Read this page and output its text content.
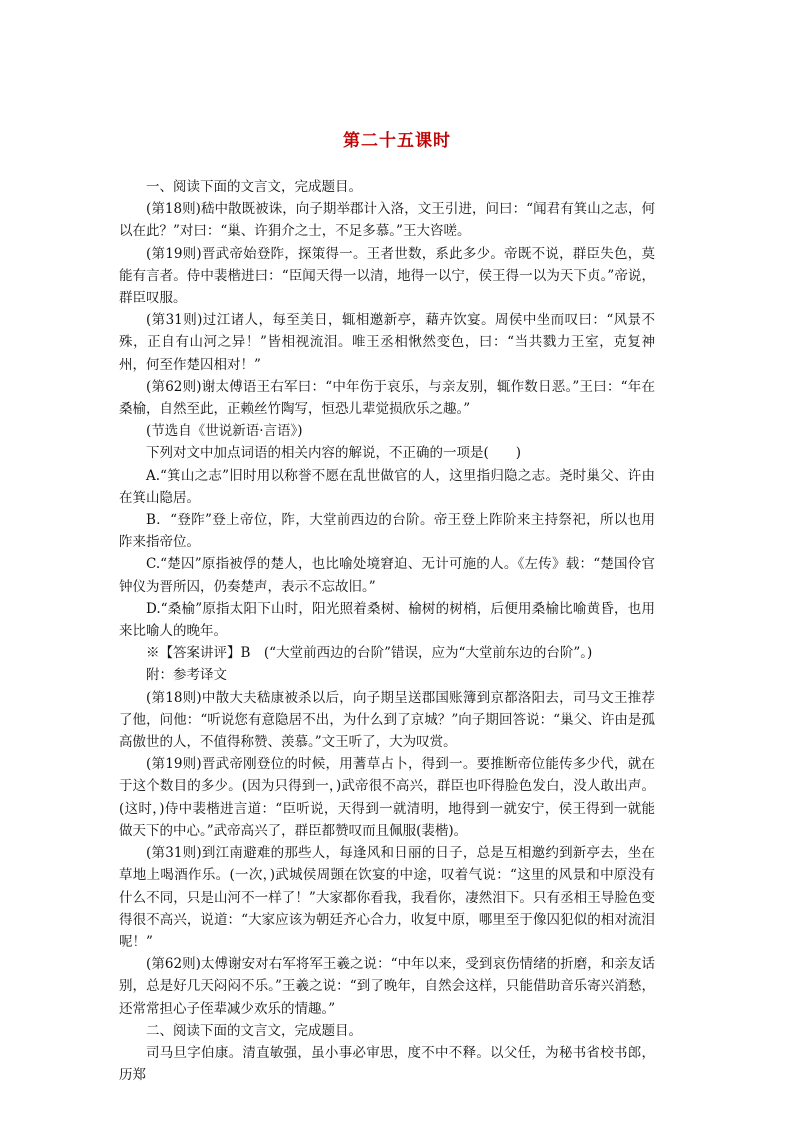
第二十五课时

一、阅读下面的文言文，完成题目。

(第18则)嵇中散既被诛，向子期举郡计入洛，文王引进，问曰：“闻君有箕山之志，何以在此？”对曰：“巢、许狷介之士，不足多慕。”王大咨嗟。

(第19则)晋武帝始登阼，探策得一。王者世数，系此多少。帝既不说，群臣失色，莫能有言者。侍中裴楷进曰：“臣闻天得一以清，地得一以宁，侯王得一以为天下贞。”帝说，群臣叹服。

(第31则)过江诸人，每至美日，辄相邀新亭，藉卉饮宴。周侯中坐而叹曰：“风景不殊，正自有山河之异！”皆相视流泪。唯王丞相愀然变色，曰：“当共戮力王室，克复神州，何至作楚囚相对！”

(第62则)谢太傅语王右军曰：“中年伤于哀乐，与亲友别，辄作数日恶。”王曰：“年在桑榆，自然至此，正赖丝竹陶写，恒恐儿辈觉损欣乐之趣。”

(节选自《世说新语·言语》)

下列对文中加点词语的相关内容的解说，不正确的一项是(　　)

A.“箕山之志”旧时用以称誉不愿在乱世做官的人，这里指归隐之志。尧时巢父、许由在箕山隐居。

B．“登阼”登上帝位，阼，大堂前西边的台阶。帝王登上阼阶来主持祭祀，所以也用阼来指帝位。

C.“楚囚”原指被俘的楚人，也比喻处境窘迫、无计可施的人。《左传》载：“楚国伶官钟仪为晋所囚，仍奏楚声，表示不忘故旧。”

D.“桑榆”原指太阳下山时，阳光照着桑树、榆树的树梢，后便用桑榆比喻黄昏，也用来比喻人的晚年。

※【答案讲评】B　(“大堂前西边的台阶”错误，应为“大堂前东边的台阶”。)

附：参考译文

(第18则)中散大夫嵇康被杀以后，向子期呈送郡国账簿到京都洛阳去，司马文王推荐了他，问他：“听说您有意隐居不出，为什么到了京城？”向子期回答说：“巢父、许由是孤高傲世的人，不值得称赞、羡慕。”文王听了，大为叹赏。

(第19则)晋武帝刚登位的时候，用蓍草占卜，得到一。要推断帝位能传多少代，就在于这个数目的多少。(因为只得到一，)武帝很不高兴，群臣也吓得脸色发白，没人敢出声。(这时，)侍中裴楷进言道：“臣听说，天得到一就清明，地得到一就安宁，侯王得到一就能做天下的中心。”武帝高兴了，群臣都赞叹而且佩服(裴楷)。

(第31则)到江南避难的那些人，每逢风和日丽的日子，总是互相邀约到新亭去，坐在草地上喝酒作乐。(一次，)武城侯周顗在饮宴的中途，叹着气说：“这里的风景和中原没有什么不同，只是山河不一样了！”大家都你看我，我看你，凄然泪下。只有丞相王导脸色变得很不高兴，说道：“大家应该为朝廷齐心合力，收复中原，哪里至于像囚犯似的相对流泪呢！”

(第62则)太傅谢安对右军将军王羲之说：“中年以来，受到哀伤情绪的折磨，和亲友话别，总是好几天闷闷不乐。”王羲之说：“到了晚年，自然会这样，只能借助音乐寄兴消愁，还常常担心子侄辈减少欢乐的情趣。”

二、阅读下面的文言文，完成题目。

司马旦字伯康。清直敏强，虽小事必审思，度不中不释。以父任，为秘书省校书郎，历郑
